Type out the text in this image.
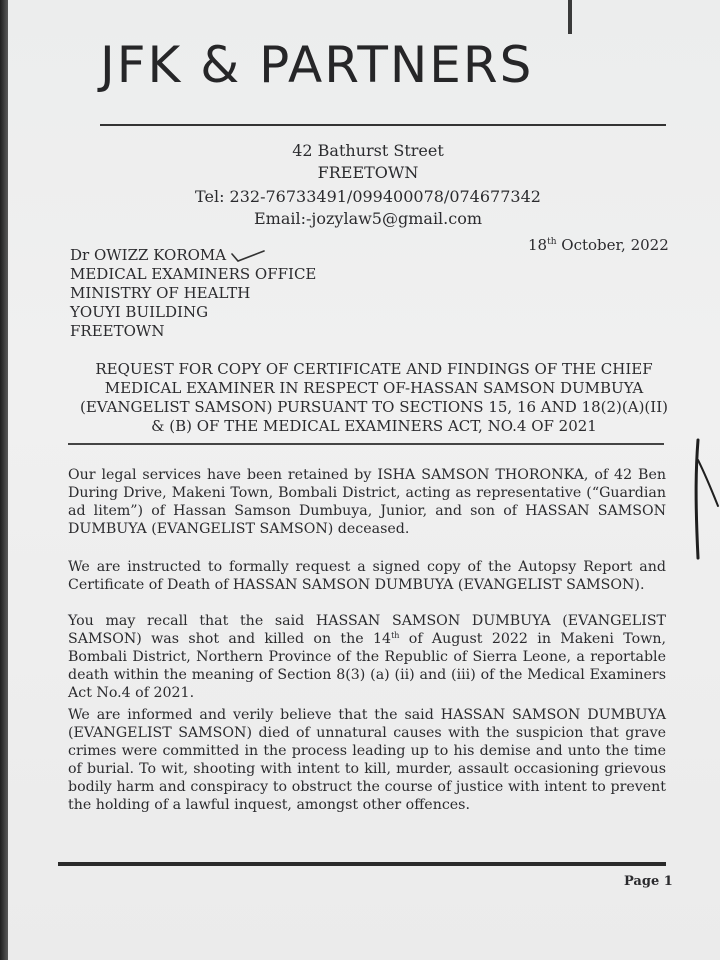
JFK & PARTNERS
42 Bathurst Street
FREETOWN
Tel: 232-76733491/099400078/074677342
Email:-jozylaw5@gmail.com
18th October, 2022
Dr OWIZZ KOROMA
MEDICAL EXAMINERS OFFICE
MINISTRY OF HEALTH
YOUYI BUILDING
FREETOWN
REQUEST FOR COPY OF CERTIFICATE AND FINDINGS OF THE CHIEF
MEDICAL EXAMINER IN RESPECT OF-HASSAN SAMSON DUMBUYA
(EVANGELIST SAMSON) PURSUANT TO SECTIONS 15, 16 AND 18(2)(A)(II)
& (B) OF THE MEDICAL EXAMINERS ACT, NO.4 OF 2021
Our legal services have been retained by ISHA SAMSON THORONKA, of 42 Ben During Drive, Makeni Town, Bombali District, acting as representative (“Guardian ad litem”) of Hassan Samson Dumbuya, Junior, and son of HASSAN SAMSON DUMBUYA (EVANGELIST SAMSON) deceased.
We are instructed to formally request a signed copy of the Autopsy Report and Certificate of Death of HASSAN SAMSON DUMBUYA (EVANGELIST SAMSON).
You may recall that the said HASSAN SAMSON DUMBUYA (EVANGELIST SAMSON) was shot and killed on the 14th of August 2022 in Makeni Town, Bombali District, Northern Province of the Republic of Sierra Leone, a reportable death within the meaning of Section 8(3) (a) (ii) and (iii) of the Medical Examiners Act No.4 of 2021.
We are informed and verily believe that the said HASSAN SAMSON DUMBUYA (EVANGELIST SAMSON) died of unnatural causes with the suspicion that grave crimes were committed in the process leading up to his demise and unto the time of burial. To wit, shooting with intent to kill, murder, assault occasioning grievous bodily harm and conspiracy to obstruct the course of justice with intent to prevent the holding of a lawful inquest, amongst other offences.
Page 1
